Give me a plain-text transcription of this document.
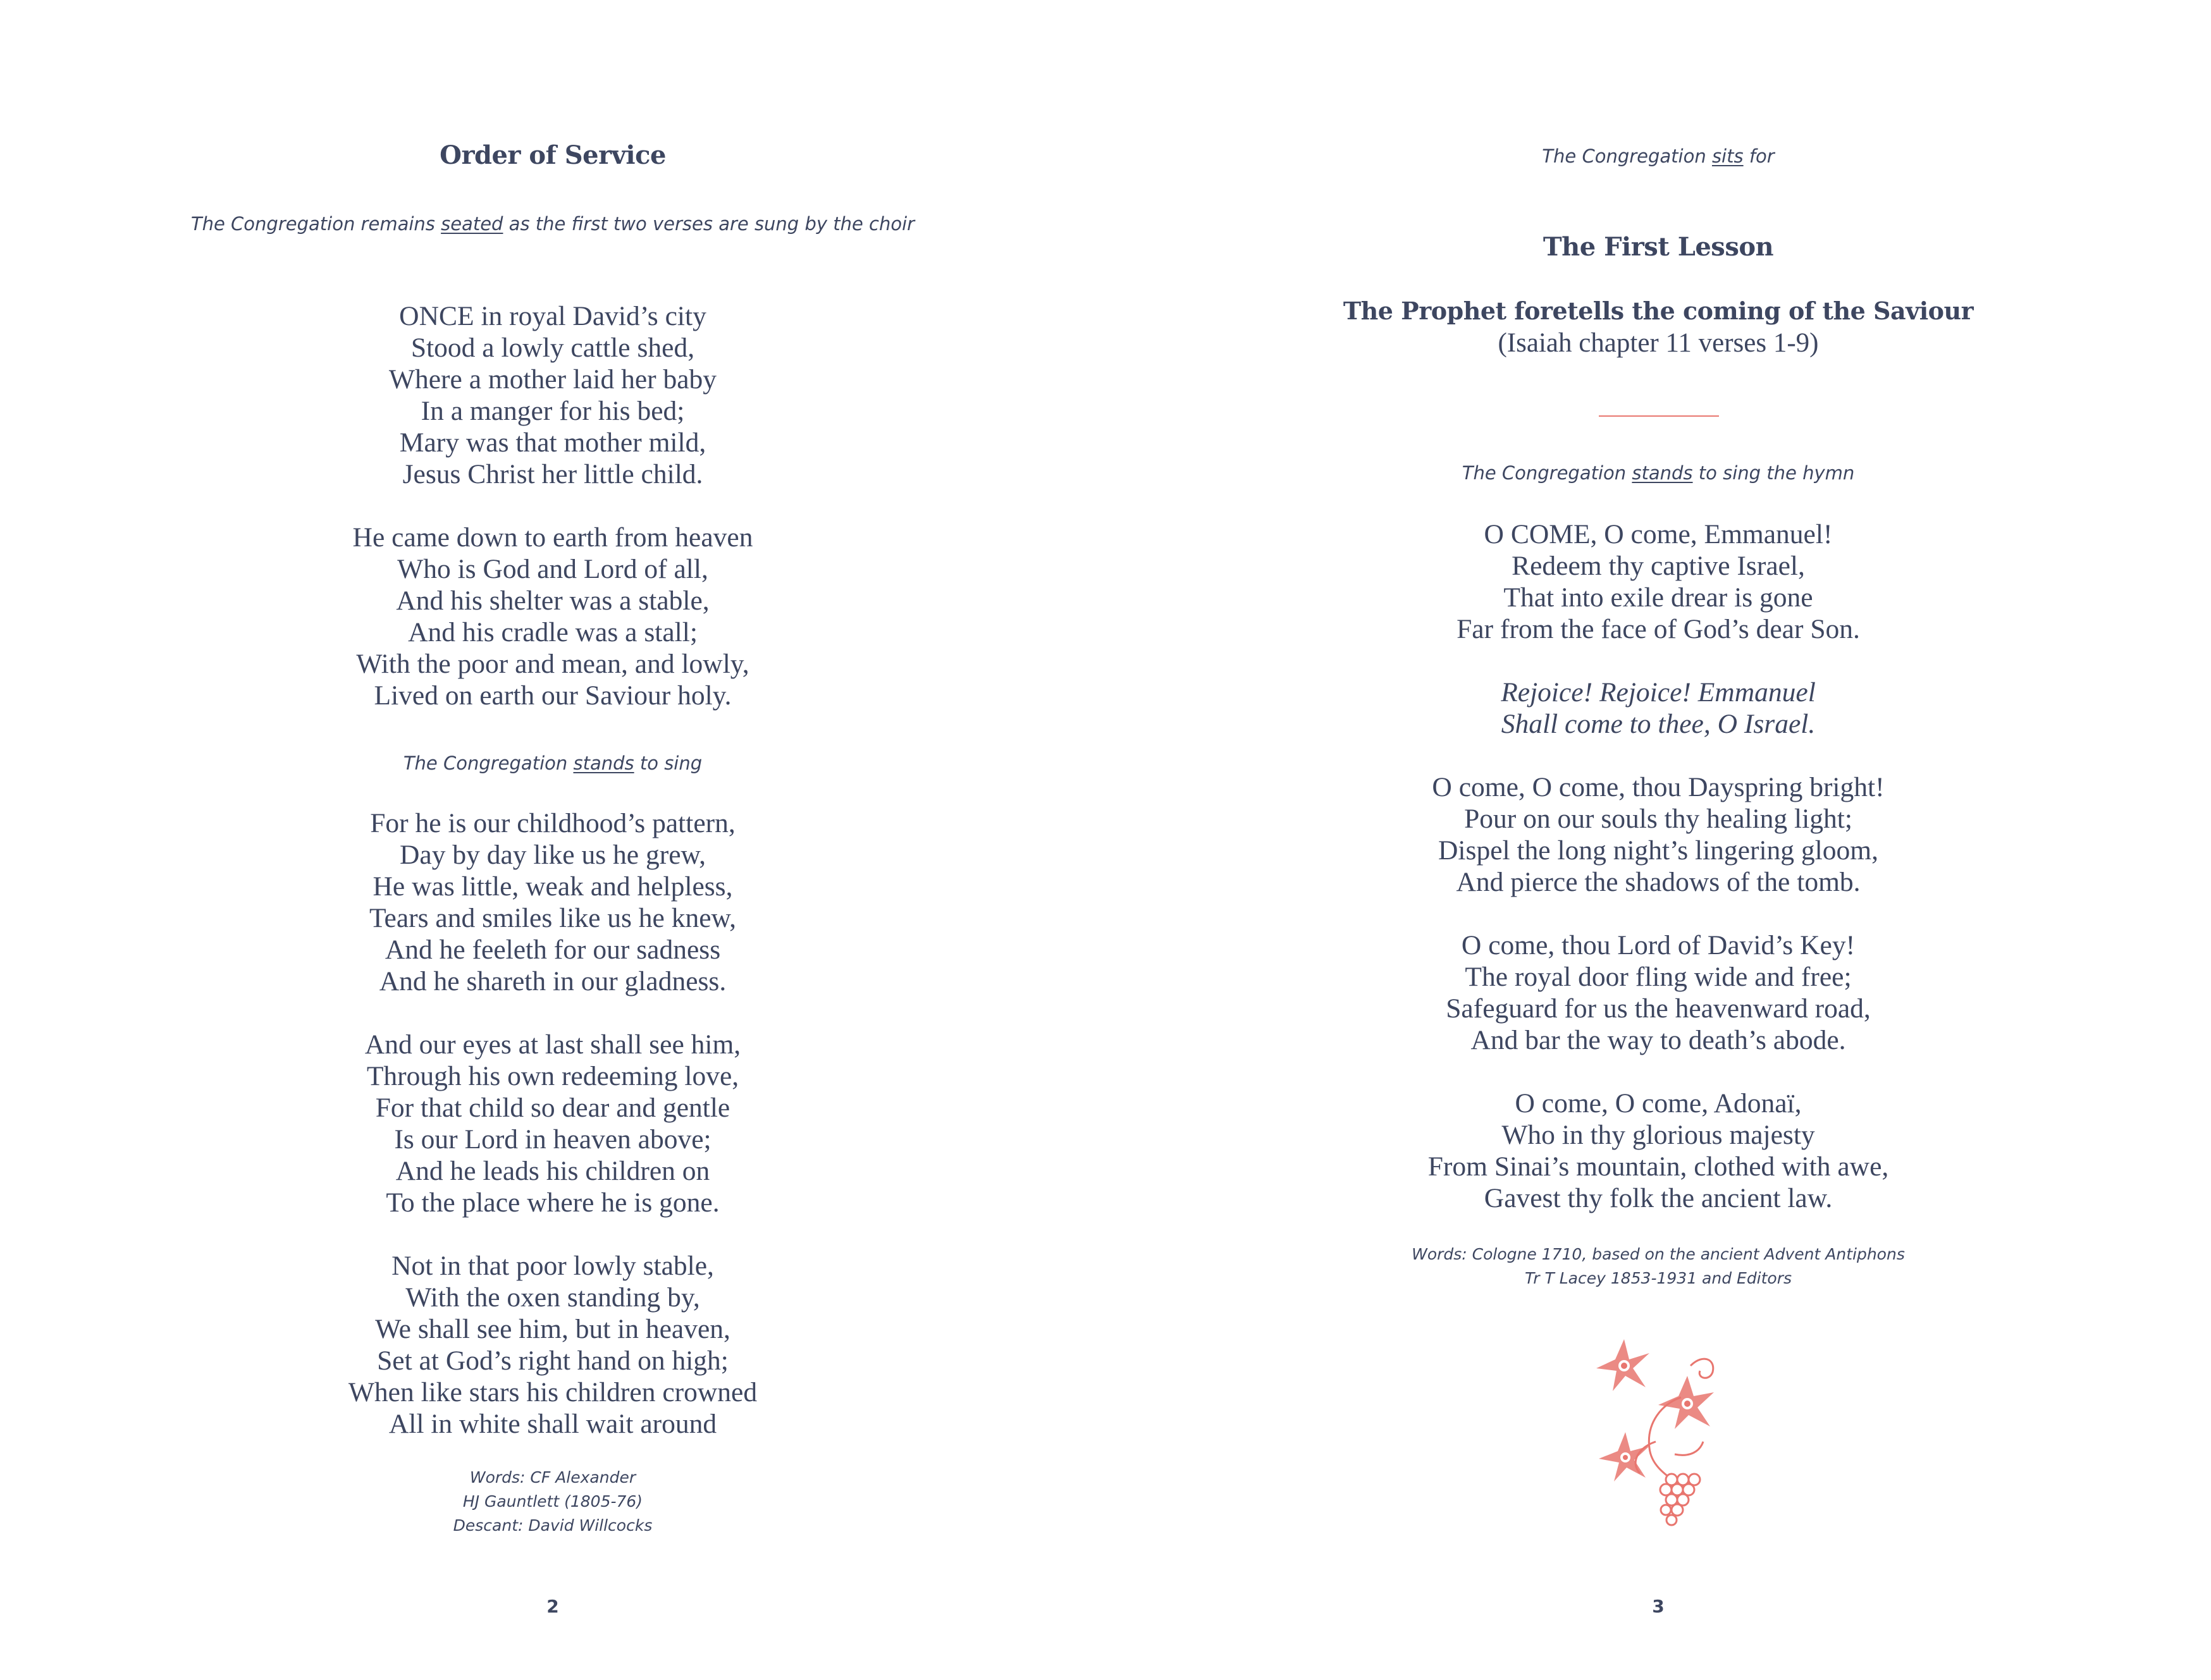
Order of Service
The Congregation remains seated as the first two verses are sung by the choir
ONCE in royal David’s city
Stood a lowly cattle shed,
Where a mother laid her baby
In a manger for his bed;
Mary was that mother mild,
Jesus Christ her little child.
He came down to earth from heaven
Who is God and Lord of all,
And his shelter was a stable,
And his cradle was a stall;
With the poor and mean, and lowly,
Lived on earth our Saviour holy.
The Congregation stands to sing
For he is our childhood’s pattern,
Day by day like us he grew,
He was little, weak and helpless,
Tears and smiles like us he knew,
And he feeleth for our sadness
And he shareth in our gladness.
And our eyes at last shall see him,
Through his own redeeming love,
For that child so dear and gentle
Is our Lord in heaven above;
And he leads his children on
To the place where he is gone.
Not in that poor lowly stable,
With the oxen standing by,
We shall see him, but in heaven,
Set at God’s right hand on high;
When like stars his children crowned
All in white shall wait around
Words: CF Alexander
HJ Gauntlett (1805-76)
Descant: David Willcocks
2
The Congregation sits for
The First Lesson
The Prophet foretells the coming of the Saviour
(Isaiah chapter 11 verses 1-9)
The Congregation stands to sing the hymn
O COME, O come, Emmanuel!
Redeem thy captive Israel,
That into exile drear is gone
Far from the face of God’s dear Son.
Rejoice! Rejoice! Emmanuel
Shall come to thee, O Israel.
O come, O come, thou Dayspring bright!
Pour on our souls thy healing light;
Dispel the long night’s lingering gloom,
And pierce the shadows of the tomb.
O come, thou Lord of David’s Key!
The royal door fling wide and free;
Safeguard for us the heavenward road,
And bar the way to death’s abode.
O come, O come, Adonaï,
Who in thy glorious majesty
From Sinai’s mountain, clothed with awe,
Gavest thy folk the ancient law.
Words: Cologne 1710, based on the ancient Advent Antiphons
Tr T Lacey 1853-1931 and Editors
3
